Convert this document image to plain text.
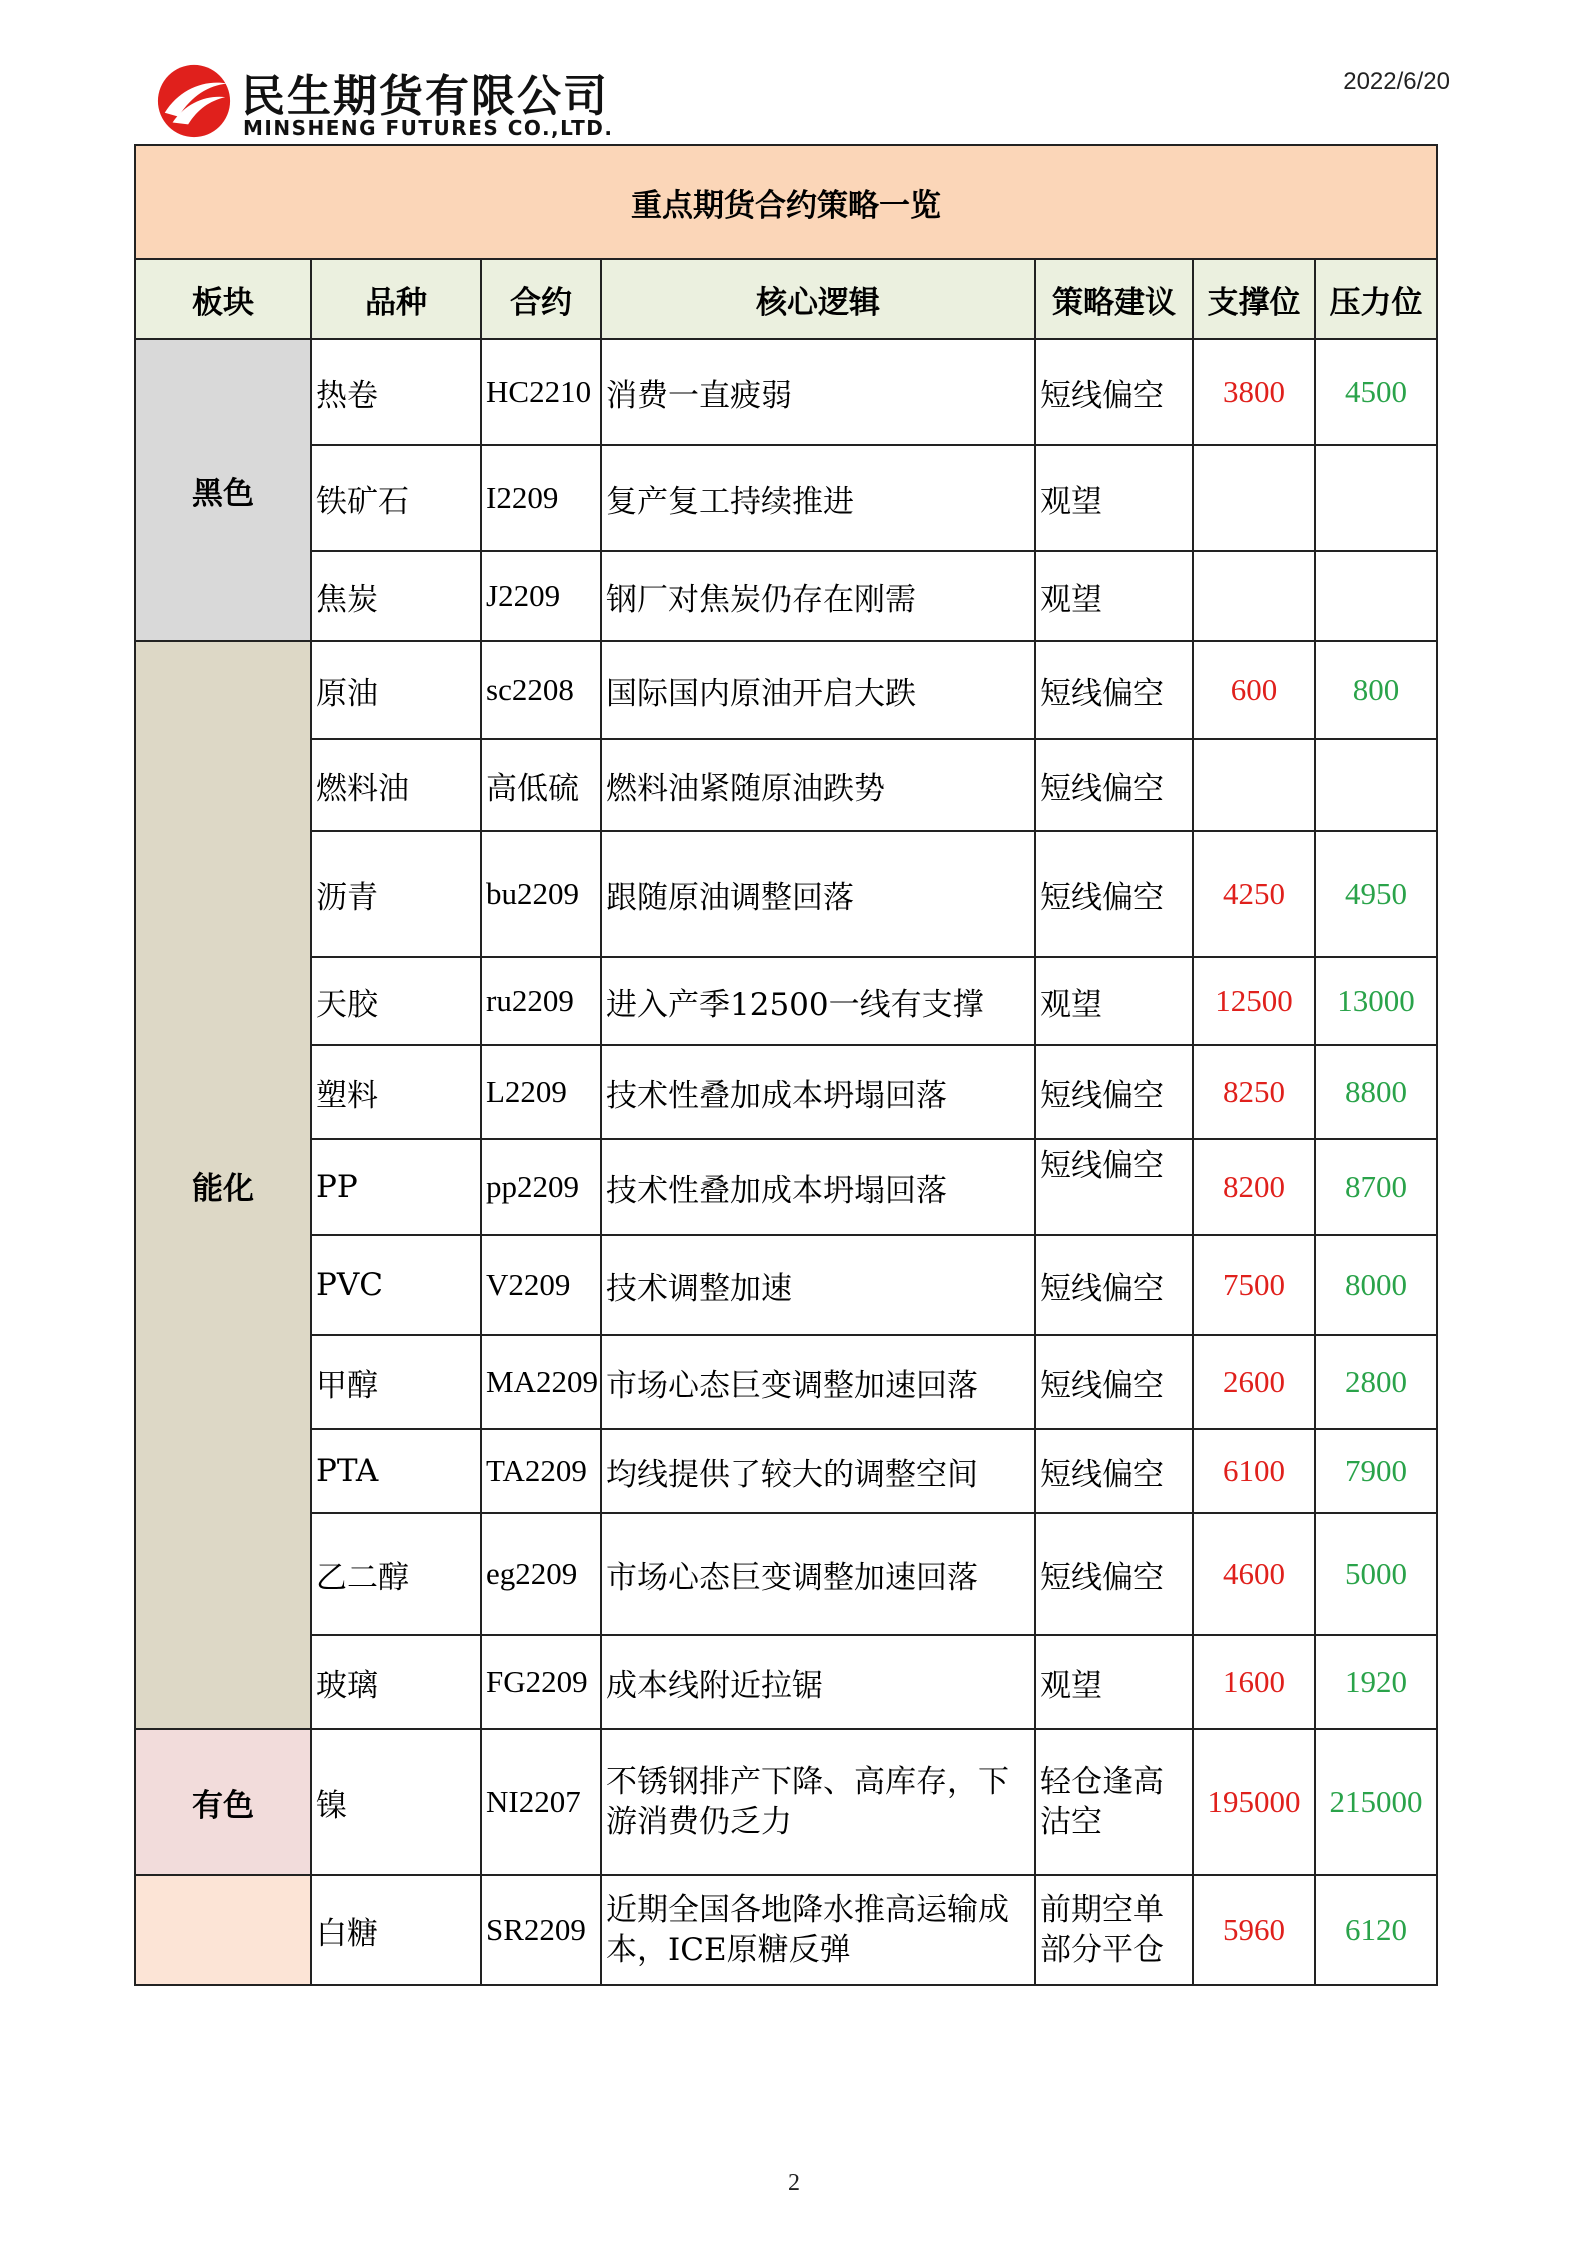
民生期货有限公司
MINSHENG FUTURES CO.,LTD.
2022/6/20
重点期货合约策略一览						
板块	品种	合约	核心逻辑	策略建议	支撑位	压力位
黑色	热卷	HC2210	消费一直疲弱	短线偏空	3800	4500
	铁矿石	I2209	复产复工持续推进	观望		
	焦炭	J2209	钢厂对焦炭仍存在刚需	观望		
能化	原油	sc2208	国际国内原油开启大跌	短线偏空	600	800
	燃料油	高低硫	燃料油紧随原油跌势	短线偏空		
	沥青	bu2209	跟随原油调整回落	短线偏空	4250	4950
	天胶	ru2209	进入产季12500一线有支撑	观望	12500	13000
	塑料	L2209	技术性叠加成本坍塌回落	短线偏空	8250	8800
	PP	pp2209	技术性叠加成本坍塌回落	短线偏空	8200	8700
	PVC	V2209	技术调整加速	短线偏空	7500	8000
	甲醇	MA2209	市场心态巨变调整加速回落	短线偏空	2600	2800
	PTA	TA2209	均线提供了较大的调整空间	短线偏空	6100	7900
	乙二醇	eg2209	市场心态巨变调整加速回落	短线偏空	4600	5000
	玻璃	FG2209	成本线附近拉锯	观望	1600	1920
有色	镍	NI2207	不锈钢排产下降、高库存，下游消费仍乏力	轻仓逢高沽空	195000	215000
	白糖	SR2209	近期全国各地降水推高运输成本，ICE原糖反弹	前期空单部分平仓	5960	6120
2
